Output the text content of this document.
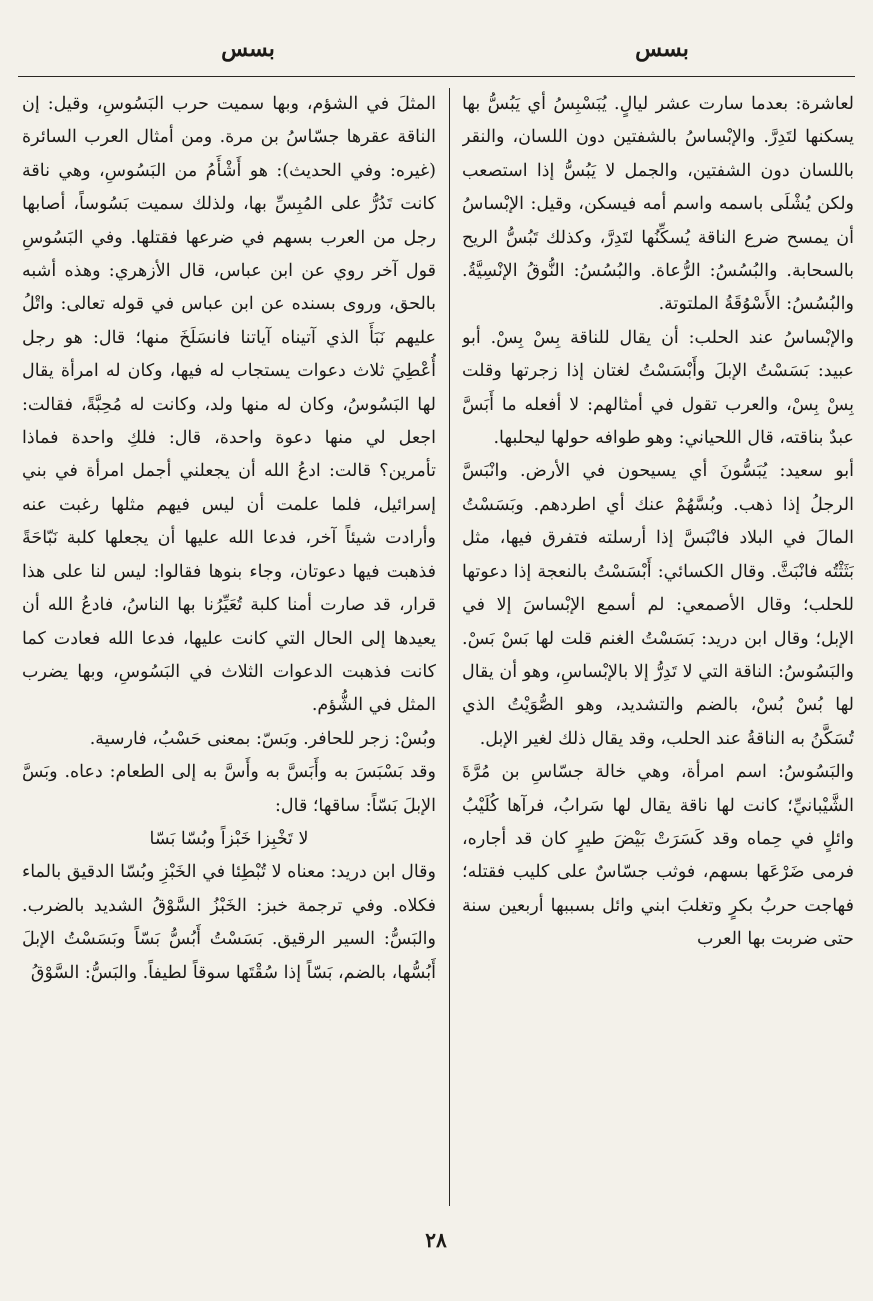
بسس
بسس

لعاشرة: بعدما سارت عشر ليالٍ. يُبَسْبِسُ أي يَبُسُّ بها يسكنها لتَدِرَّ. والإبْساسُ بالشفتين دون اللسان، والنقر باللسان دون الشفتين، والجمل لا يَبُسُّ إذا استصعب ولكن يُشْلَى باسمه واسم أمه فيسكن، وقيل: الإبْساسُ أن يمسح ضرع الناقة يُسكِّنُها لتَدِرَّ، وكذلك تَبُسُّ الريح بالسحابة. والبُسُسُ: الرُّعاة. والبُسُسُ: النُّوقُ الإنْسِيَّةُ. والبُسُسُ: الأَسْوُقَةُ الملتوتة.

والإبْساسُ عند الحلب: أن يقال للناقة بِسْ بِسْ. أبو عبيد: بَسَسْتُ الإبلَ وأَبْسَسْتُ لغتان إذا زجرتها وقلت بِسْ بِسْ، والعرب تقول في أمثالهم: لا أفعله ما أَبَسَّ عبدٌ بناقته، قال اللحياني: وهو طوافه حولها ليحلبها.

أبو سعيد: يُبَسُّونَ أي يسيحون في الأرض. وانْبَسَّ الرجلُ إذا ذهب. وبُسَّهُمْ عنك أي اطردهم. وبَسَسْتُ المالَ في البلاد فانْبَسَّ إذا أرسلته فتفرق فيها، مثل بَثَثْتُه فانْبَثَّ. وقال الكسائي: أَبْسَسْتُ بالنعجة إذا دعوتها للحلب؛ وقال الأصمعي: لم أسمع الإبْساسَ إلا في الإبل؛ وقال ابن دريد: بَسَسْتُ الغنم قلت لها بَسْ بَسْ. والبَسُوسُ: الناقة التي لا تَدِرُّ إلا بالإبْساسِ، وهو أن يقال لها بُسْ بُسْ، بالضم والتشديد، وهو الصُّوَيْتُ الذي تُسَكَّنُ به الناقةُ عند الحلب، وقد يقال ذلك لغير الإبل.

والبَسُوسُ: اسم امرأة، وهي خالة جسّاسِ بن مُرَّةَ الشَّيْبانيِّ؛ كانت لها ناقة يقال لها سَرابُ، فرآها كُلَيْبُ وائلٍ في حِماه وقد كَسَرَتْ بَيْضَ طيرٍ كان قد أجاره، فرمى ضَرْعَها بسهم، فوثب جسّاسٌ على كليب فقتله؛ فهاجت حربُ بكرٍ وتغلبَ ابني وائل بسببها أربعين سنة حتى ضربت بها العرب

المثلَ في الشؤم، وبها سميت حرب البَسُوسِ، وقيل: إن الناقة عقرها جسّاسُ بن مرة. ومن أمثال العرب السائرة (غيره: وفي الحديث): هو أَشْأَمُ من البَسُوسِ، وهي ناقة كانت تَدُرُّ على المُبِسِّ بها، ولذلك سميت بَسُوساً، أصابها رجل من العرب بسهم في ضرعها فقتلها. وفي البَسُوسِ قول آخر روي عن ابن عباس، قال الأزهري: وهذه أشبه بالحق، وروى بسنده عن ابن عباس في قوله تعالى: واتْلُ عليهم نَبَأَ الذي آتيناه آياتنا فانسَلَخَ منها؛ قال: هو رجل أُعْطِيَ ثلاث دعوات يستجاب له فيها، وكان له امرأة يقال لها البَسُوسُ، وكان له منها ولد، وكانت له مُحِبَّةً، فقالت: اجعل لي منها دعوة واحدة، قال: فلكِ واحدة فماذا تأمرين؟ قالت: ادعُ الله أن يجعلني أجمل امرأة في بني إسرائيل، فلما علمت أن ليس فيهم مثلها رغبت عنه وأرادت شيئاً آخر، فدعا الله عليها أن يجعلها كلبة نَبّاحَةً فذهبت فيها دعوتان، وجاء بنوها فقالوا: ليس لنا على هذا قرار، قد صارت أمنا كلبة تُعَيِّرُنا بها الناسُ، فادعُ الله أن يعيدها إلى الحال التي كانت عليها، فدعا الله فعادت كما كانت فذهبت الدعوات الثلاث في البَسُوسِ، وبها يضرب المثل في الشُّؤم.

وبُسْ: زجر للحافر. وبَسّ: بمعنى حَسْبُ، فارسية.

وقد بَسْبَسَ به وأَبَسَّ به وأَسَّ به إلى الطعام: دعاه. وبَسَّ الإبلَ بَسّاً: ساقها؛ قال:

لا تَخْبِزا خَبْزاً وبُسّا بَسّا

وقال ابن دريد: معناه لا تُبْطِئا في الخَبْزِ وبُسّا الدقيق بالماء فكلاه. وفي ترجمة خبز: الخَبْزُ السَّوْقُ الشديد بالضرب. والبَسُّ: السير الرقيق. بَسَسْتُ أَبُسُّ بَسّاً وبَسَسْتُ الإبلَ أَبُسُّها، بالضم، بَسّاً إذا سُقْتَها سوقاً لطيفاً. والبَسُّ: السَّوْقُ

٢٨
